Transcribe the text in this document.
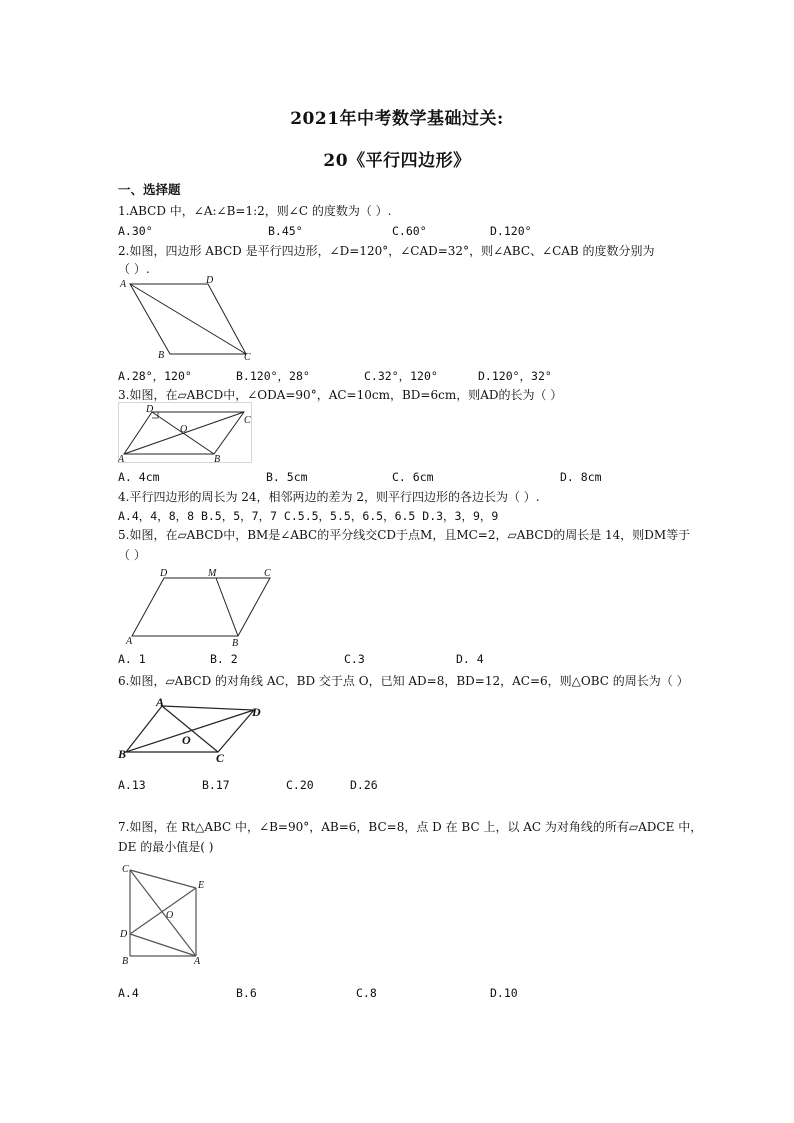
2021年中考数学基础过关:
20《平行四边形》
一、选择题
1.ABCD 中，∠A:∠B=1:2，则∠C 的度数为（ ）.
A.30°	B.45°	C.60°	D.120°
2.如图，四边形 ABCD 是平行四边形，∠D=120°，∠CAD=32°，则∠ABC、∠CAB 的度数分别为
（ ）.
A	D
B	C
A.28°，120°	B.120°，28°	C.32°，120°	D.120°，32°
3.如图，在▱ABCD中，∠ODA=90°，AC=10cm，BD=6cm，则AD的长为（ ）
D
O
A	B
C
A. 4cm	B. 5cm	C. 6cm	D. 8cm
4.平行四边形的周长为 24，相邻两边的差为 2，则平行四边形的各边长为（ ）.
A.4，4，8，8 B.5，5，7，7 C.5.5，5.5，6.5，6.5 D.3，3，9，9
5.如图，在▱ABCD中，BM是∠ABC的平分线交CD于点M，且MC=2，▱ABCD的周长是 14，则DM等于
（ ）
D	M	C
A	B
A. 1	B. 2	C.3	D. 4
6.如图，▱ABCD 的对角线 AC，BD 交于点 O，已知 AD=8，BD=12，AC=6，则△OBC 的周长为（ ）
A
D
B	C
O
A.13	B.17	C.20	D.26
7.如图，在 Rt△ABC 中，∠B=90°，AB=6，BC=8，点 D 在 BC 上，以 AC 为对角线的所有▱ADCE 中，
DE 的最小值是( )
C
E
O
D
B	A
A.4	B.6	C.8	D.10
